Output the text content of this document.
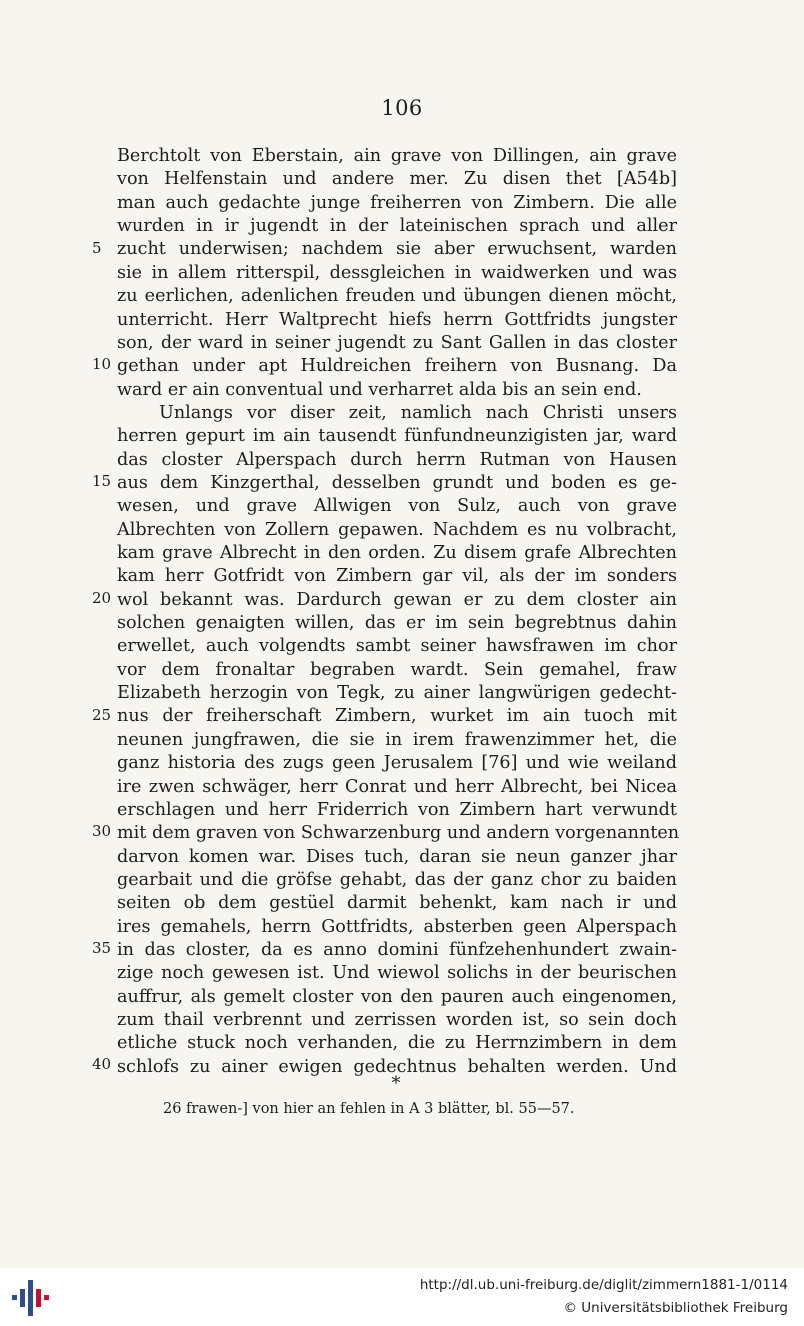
106
Berchtolt von Eberstain, ain grave von Dillingen, ain grave
von Helfenstain und andere mer. Zu disen thet [A54b]
man auch gedachte junge freiherren von Zimbern. Die alle
wurden in ir jugendt in der lateinischen sprach und aller
zucht underwisen; nachdem sie aber erwuchsent, warden
sie in allem ritterspil, dessgleichen in waidwerken und was
zu eerlichen, adenlichen freuden und übungen dienen möcht,
unterricht. Herr Waltprecht hiefs herrn Gottfridts jungster
son, der ward in seiner jugendt zu Sant Gallen in das closter
gethan under apt Huldreichen freihern von Busnang. Da
ward er ain conventual und verharret alda bis an sein end.
Unlangs vor diser zeit, namlich nach Christi unsers
herren gepurt im ain tausendt fünfundneunzigisten jar, ward
das closter Alperspach durch herrn Rutman von Hausen
aus dem Kinzgerthal, desselben grundt und boden es ge-
wesen, und grave Allwigen von Sulz, auch von grave
Albrechten von Zollern gepawen. Nachdem es nu volbracht,
kam grave Albrecht in den orden. Zu disem grafe Albrechten
kam herr Gotfridt von Zimbern gar vil, als der im sonders
wol bekannt was. Dardurch gewan er zu dem closter ain
solchen genaigten willen, das er im sein begrebtnus dahin
erwellet, auch volgendts sambt seiner hawsfrawen im chor
vor dem fronaltar begraben wardt. Sein gemahel, fraw
Elizabeth herzogin von Tegk, zu ainer langwürigen gedecht-
nus der freiherschaft Zimbern, wurket im ain tuoch mit
neunen jungfrawen, die sie in irem frawenzimmer het, die
ganz historia des zugs geen Jerusalem [76] und wie weiland
ire zwen schwäger, herr Conrat und herr Albrecht, bei Nicea
erschlagen und herr Friderrich von Zimbern hart verwundt
mit dem graven von Schwarzenburg und andern vorgenannten
darvon komen war. Dises tuch, daran sie neun ganzer jhar
gearbait und die gröfse gehabt, das der ganz chor zu baiden
seiten ob dem gestüel darmit behenkt, kam nach ir und
ires gemahels, herrn Gottfridts, absterben geen Alperspach
in das closter, da es anno domini fünfzehenhundert zwain-
zige noch gewesen ist. Und wiewol solichs in der beurischen
auffrur, als gemelt closter von den pauren auch eingenomen,
zum thail verbrennt und zerrissen worden ist, so sein doch
etliche stuck noch verhanden, die zu Herrnzimbern in dem
schlofs zu ainer ewigen gedechtnus behalten werden. Und
5
10
15
20
25
30
35
40
*
26 frawen-] von hier an fehlen in A 3 blätter, bl. 55—57.
http://dl.ub.uni-freiburg.de/diglit/zimmern1881-1/0114
© Universitätsbibliothek Freiburg
